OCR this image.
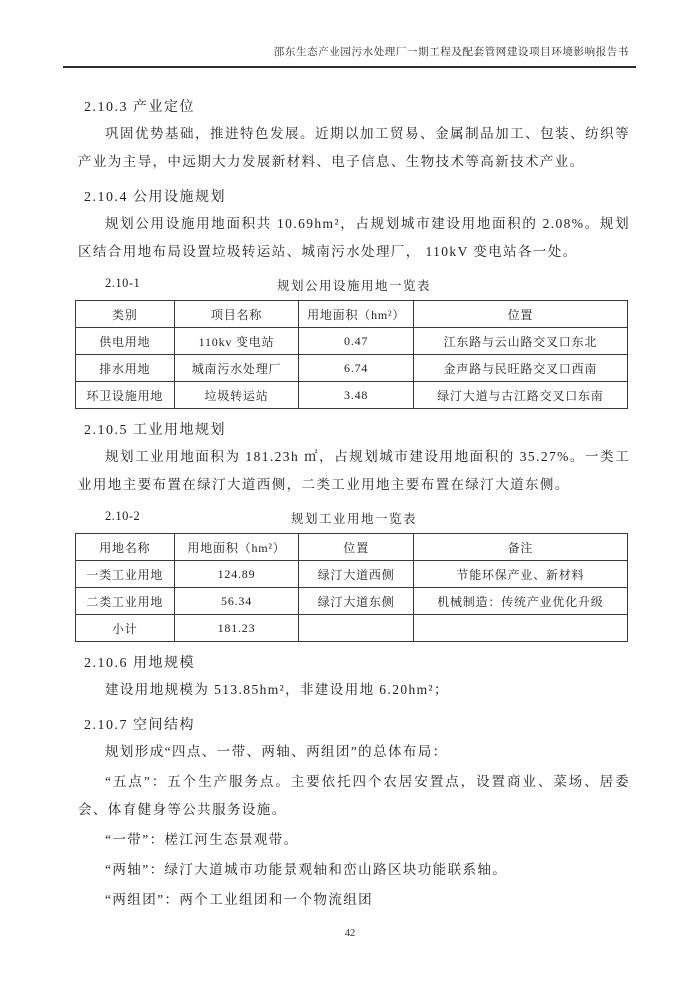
邵东生态产业园污水处理厂一期工程及配套管网建设项目环境影响报告书
2.10.3 产业定位

巩固优势基础，推进特色发展。近期以加工贸易、金属制品加工、包装、纺织等产业为主导，中远期大力发展新材料、电子信息、生物技术等高新技术产业。

2.10.4 公用设施规划

规划公用设施用地面积共 10.69hm²，占规划城市建设用地面积的 2.08%。规划区结合用地布局设置垃圾转运站、城南污水处理厂， 110kV 变电站各一处。

2.10-1	规划公用设施用地一览表
类别	项目名称	用地面积（hm²）	位置
供电用地	110kv 变电站	0.47	江东路与云山路交叉口东北
排水用地	城南污水处理厂	6.74	金声路与民旺路交叉口西南
环卫设施用地	垃圾转运站	3.48	绿汀大道与古江路交叉口东南
2.10.5 工业用地规划

规划工业用地面积为 181.23h ㎡，占规划城市建设用地面积的 35.27%。一类工业用地主要布置在绿汀大道西侧，二类工业用地主要布置在绿汀大道东侧。

2.10-2	规划工业用地一览表
用地名称	用地面积（hm²）	位置	备注
一类工业用地	124.89	绿汀大道西侧	节能环保产业、新材料
二类工业用地	56.34	绿汀大道东侧	机械制造：传统产业优化升级
小计	181.23		
2.10.6 用地规模

建设用地规模为 513.85hm²，非建设用地 6.20hm²；

2.10.7 空间结构

规划形成“四点、一带、两轴、两组团”的总体布局：

“五点”：五个生产服务点。主要依托四个农居安置点，设置商业、菜场、居委会、体育健身等公共服务设施。

“一带”：槎江河生态景观带。

“两轴”：绿汀大道城市功能景观轴和峦山路区块功能联系轴。

“两组团”：两个工业组团和一个物流组团

42
